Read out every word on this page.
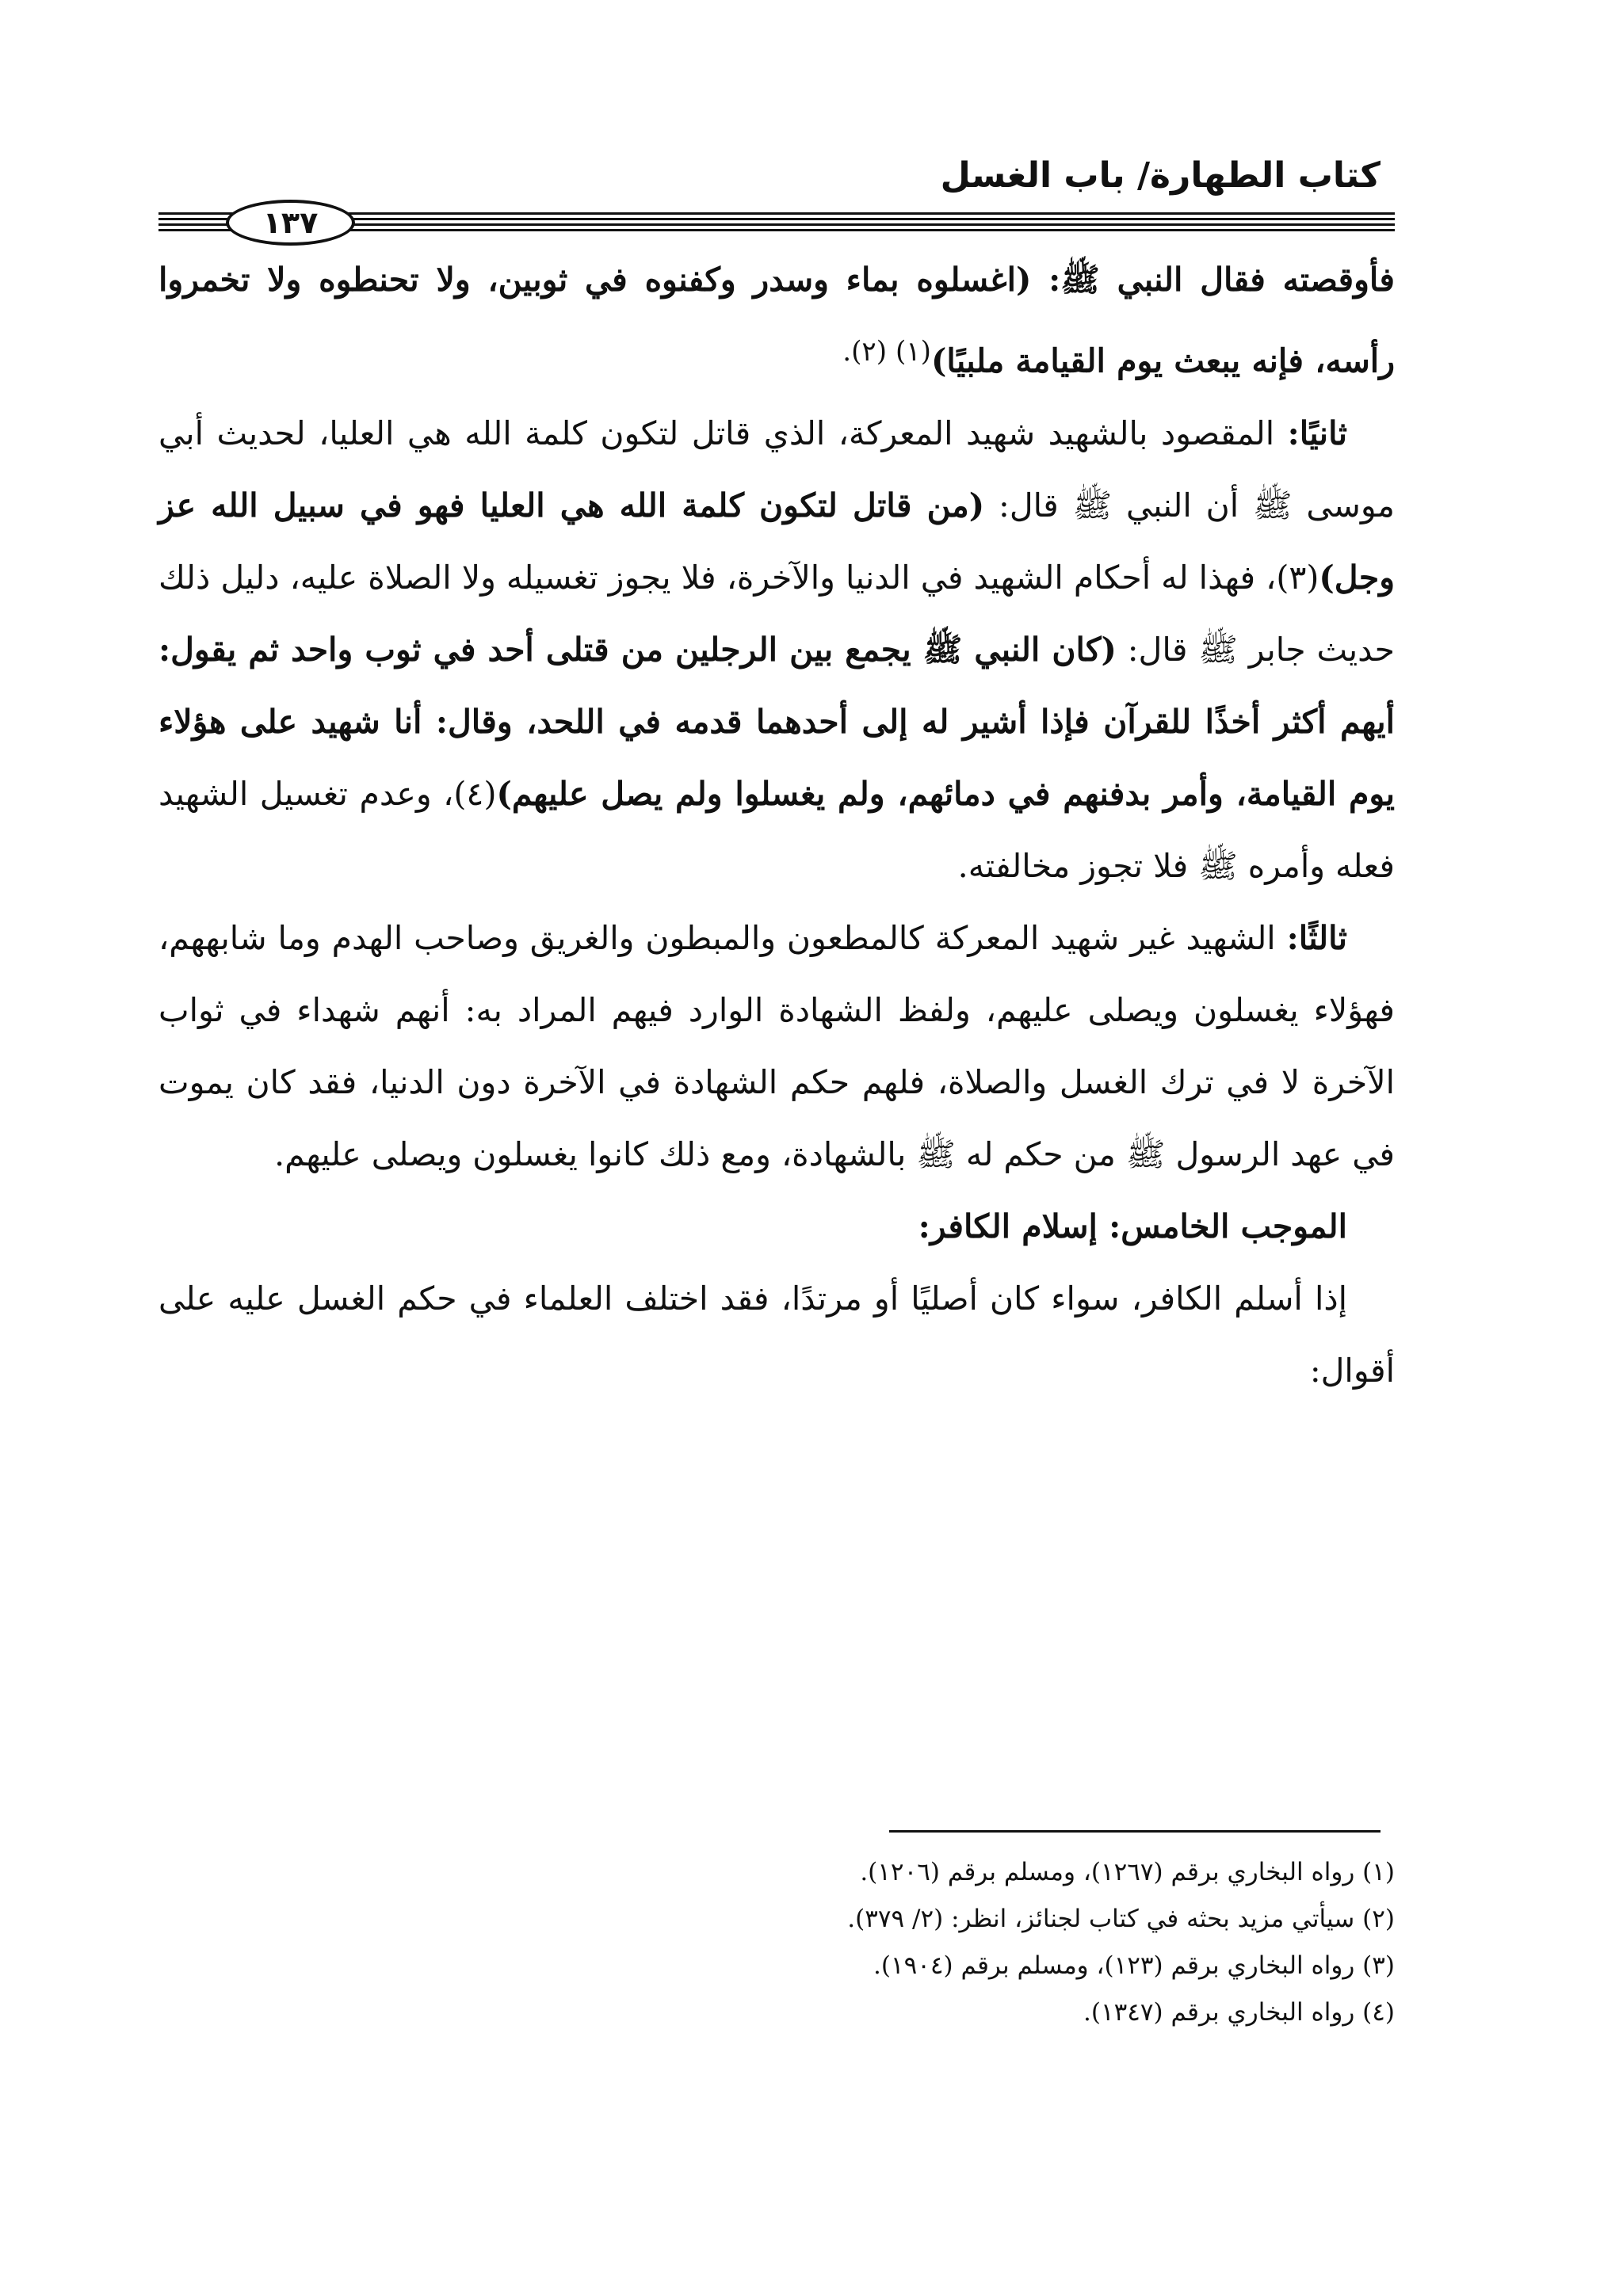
كتاب الطهارة/ باب الغسل
١٣٧

فأوقصته فقال النبي ﷺ: (اغسلوه بماء وسدر وكفنوه في ثوبين، ولا تحنطوه ولا تخمروا رأسه، فإنه يبعث يوم القيامة ملبيًا)$^{(١) (٢).}$

ثانيًا: المقصود بالشهيد شهيد المعركة، الذي قاتل لتكون كلمة الله هي العليا، لحديث أبي موسى ﷺ أن النبي ﷺ قال: (من قاتل لتكون كلمة الله هي العليا فهو في سبيل الله عز وجل)(٣)، فهذا له أحكام الشهيد في الدنيا والآخرة، فلا يجوز تغسيله ولا الصلاة عليه، دليل ذلك حديث جابر ﷺ قال: (كان النبي ﷺ يجمع بين الرجلين من قتلى أحد في ثوب واحد ثم يقول: أيهم أكثر أخذًا للقرآن فإذا أشير له إلى أحدهما قدمه في اللحد، وقال: أنا شهيد على هؤلاء يوم القيامة، وأمر بدفنهم في دمائهم، ولم يغسلوا ولم يصل عليهم)(٤)، وعدم تغسيل الشهيد فعله وأمره ﷺ فلا تجوز مخالفته.

ثالثًا: الشهيد غير شهيد المعركة كالمطعون والمبطون والغريق وصاحب الهدم وما شابههم، فهؤلاء يغسلون ويصلى عليهم، ولفظ الشهادة الوارد فيهم المراد به: أنهم شهداء في ثواب الآخرة لا في ترك الغسل والصلاة، فلهم حكم الشهادة في الآخرة دون الدنيا، فقد كان يموت في عهد الرسول ﷺ من حكم له ﷺ بالشهادة، ومع ذلك كانوا يغسلون ويصلى عليهم.

الموجب الخامس: إسلام الكافر:

إذا أسلم الكافر، سواء كان أصليًا أو مرتدًا، فقد اختلف العلماء في حكم الغسل عليه على أقوال:

(١) رواه البخاري برقم (١٢٦٧)، ومسلم برقم (١٢٠٦).
(٢) سيأتي مزيد بحثه في كتاب لجنائز، انظر: (٢/ ٣٧٩).
(٣) رواه البخاري برقم (١٢٣)، ومسلم برقم (١٩٠٤).
(٤) رواه البخاري برقم (١٣٤٧).
